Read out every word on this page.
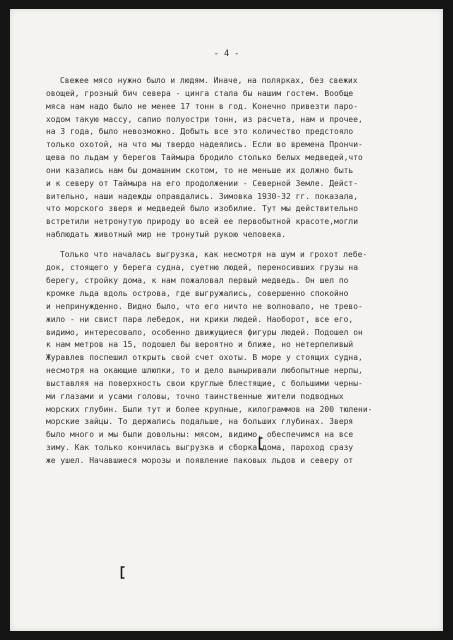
- 4 -
Свежее мясо нужно было и людям. Иначе, на полярках, без свежих
овощей, грозный бич севера - цинга стала бы нашим гостем. Вообще
мяса нам надо было не менее 17 тонн в год. Конечно привезти паро-
ходом такую массу, сапио полуостри тонн, из расчета, нам и прочее,
на 3 года, было невозможно. Добыть все это количество предстояло
только охотой, на что мы твердо надеялись. Если во времена Прончи-
щева по льдам у берегов Таймыра бродило столько белых медведей,что
они казались нам бы домашним скотом, то не меньше их должно быть
и к северу от Таймыра на его продолжении - Северной Земле. Дейст-
вительно, наши надежды оправдались. Зимовка 1930-32 гг. показала,
что морского зверя и медведей было изобилие. Тут мы действительно
встретили нетронутую природу во всей ее первобытной красоте,могли
наблюдать животный мир не тронутый рукою человека.
Только что началась выгрузка, как несмотря на шум и грохот лебе-
док, стоящего у берега судна, суетню людей, переносивших грузы на
берегу, стройку дома, к нам пожаловал первый медведь. Он шел по
кромке льда вдоль острова, где выгружались, совершенно спокойно
и непринужденно. Видно было, что его ничто не волновало, не трево-
жило - ни свист пара лебедок, ни крики людей. Наоборот, все его,
видимо, интересовало, особенно движущиеся фигуры людей. Подошел он
к нам метров на 15, подошел бы вероятно и ближе, но нетерпеливый
Журавлев поспешил открыть свой счет охоты. В море у стоящих судна,
несмотря на окающие шлюпки, то и дело выныривали любопытные нерпы,
выставляя на поверхность свои круглые блестящие, с большими черны-
ми глазами и усами головы, точно таинственные жители подводных
морских глубин. Были тут и более крупные, килограммов на 200 тюлени-
морские зайцы. То держались подальше, на больших глубинах. Зверя
было много и мы были довольны: мясом, видимо, обеспечимся на все
зиму. Как только кончилась выгрузка и сборка дома, пароход сразу
же ушел. Начавшиеся морозы и появление паковых льдов и северу от
